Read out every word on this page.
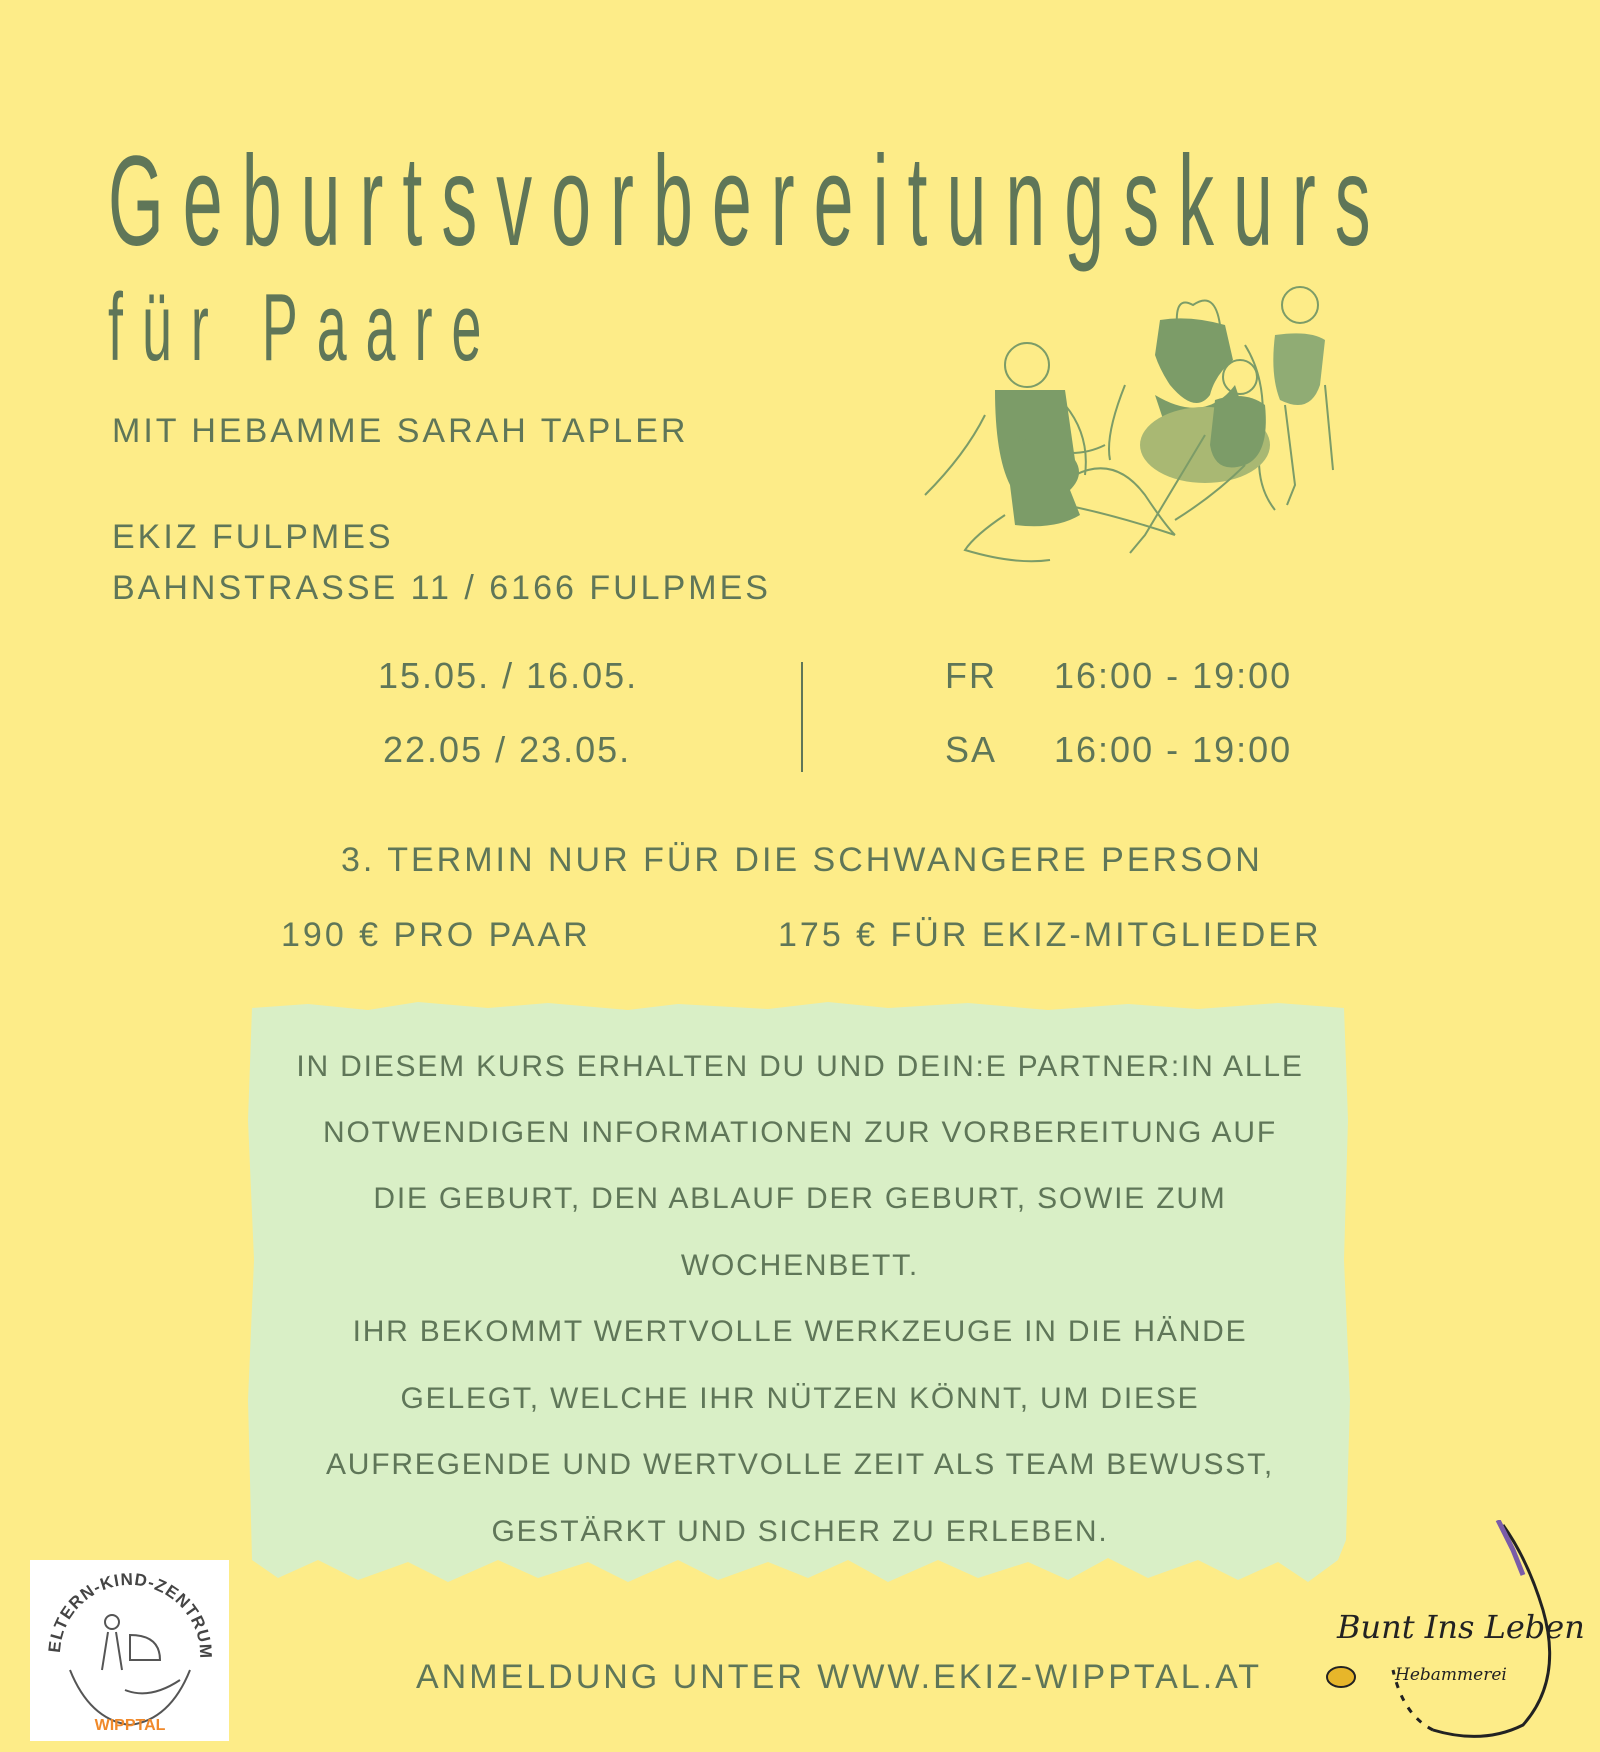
Geburtsvorbereitungskurs
für Paare
MIT HEBAMME SARAH TAPLER
EKIZ FULPMES
BAHNSTRASSE 11 / 6166 FULPMES
15.05. / 16.05.
22.05 / 23.05.
FR 16:00 - 19:00
SA 16:00 - 19:00
3. TERMIN NUR FÜR DIE SCHWANGERE PERSON
190 € PRO PAAR	175 € FÜR EKIZ-MITGLIEDER
IN DIESEM KURS ERHALTEN DU UND DEIN:E PARTNER:IN ALLE
NOTWENDIGEN INFORMATIONEN ZUR VORBEREITUNG AUF
DIE GEBURT, DEN ABLAUF DER GEBURT, SOWIE ZUM
WOCHENBETT.
IHR BEKOMMT WERTVOLLE WERKZEUGE IN DIE HÄNDE
GELEGT, WELCHE IHR NÜTZEN KÖNNT, UM DIESE
AUFREGENDE UND WERTVOLLE ZEIT ALS TEAM BEWUSST,
GESTÄRKT UND SICHER ZU ERLEBEN.
ANMELDUNG UNTER WWW.EKIZ-WIPPTAL.AT
ELTERN-KIND-ZENTRUM
WIPPTAL
Bunt Ins Leben
Hebammerei
